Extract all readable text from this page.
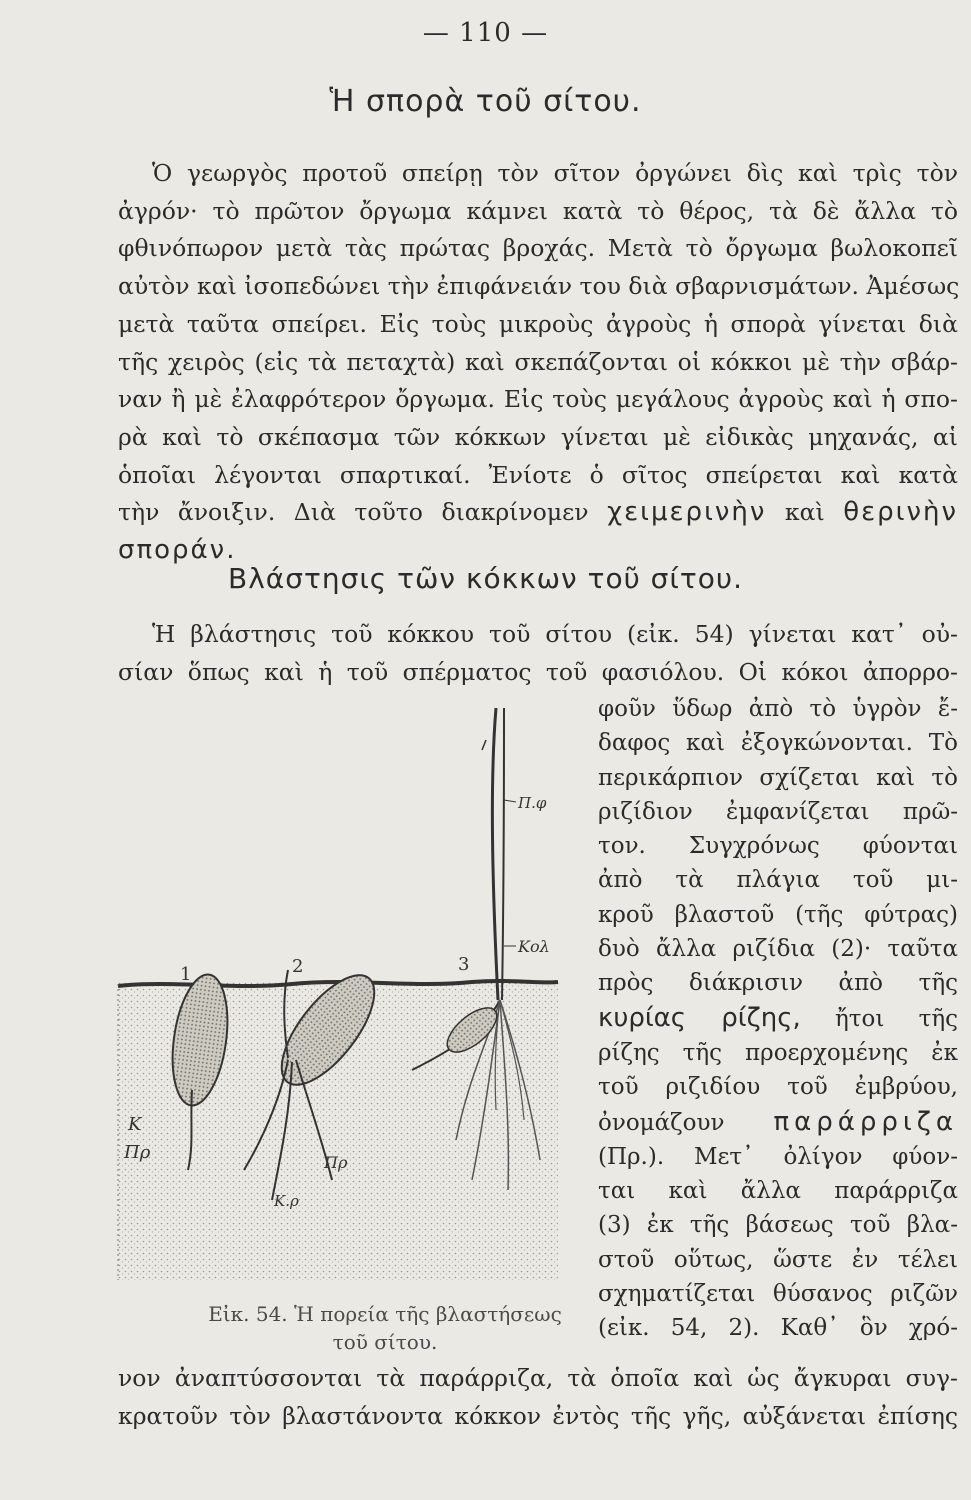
— 110 —
Ἡ σπορὰ τοῦ σίτου.
Ὁ γεωργὸς προτοῦ σπείρῃ τὸν σῖτον ὀργώνει δὶς καὶ τρὶς τὸν
ἀγρόν· τὸ πρῶτον ὄργωμα κάμνει κατὰ τὸ θέρος, τὰ δὲ ἄλλα τὸ
φθινόπωρον μετὰ τὰς πρώτας βροχάς. Μετὰ τὸ ὄργωμα βωλοκοπεῖ
αὐτὸν καὶ ἰσοπεδώνει τὴν ἐπιφάνειάν του διὰ σβαρνισμάτων. Ἀμέσως
μετὰ ταῦτα σπείρει. Εἰς τοὺς μικροὺς ἀγροὺς ἡ σπορὰ γίνεται διὰ
τῆς χειρὸς (εἰς τὰ πεταχτὰ) καὶ σκεπάζονται οἱ κόκκοι μὲ τὴν σβάρ-
ναν ἢ μὲ ἐλαφρότερον ὄργωμα. Εἰς τοὺς μεγάλους ἀγροὺς καὶ ἡ σπο-
ρὰ καὶ τὸ σκέπασμα τῶν κόκκων γίνεται μὲ εἰδικὰς μηχανάς, αἱ
ὁποῖαι λέγονται σπαρτικαί. Ἐνίοτε ὁ σῖτος σπείρεται καὶ κατὰ
τὴν ἄνοιξιν. Διὰ τοῦτο διακρίνομεν χειμερινὴν καὶ θερινὴν
σποράν.
Βλάστησις τῶν κόκκων τοῦ σίτου.
Ἡ βλάστησις τοῦ κόκκου τοῦ σίτου (εἰκ. 54) γίνεται κατ᾽ οὐ-
σίαν ὅπως καὶ ἡ τοῦ σπέρματος τοῦ φασιόλου. Οἱ κόκοι ἀπορρο-
φοῦν ὕδωρ ἀπὸ τὸ ὑγρὸν ἔ-
δαφος καὶ ἐξογκώνονται. Τὸ
περικάρπιον σχίζεται καὶ τὸ
ριζίδιον ἐμφανίζεται πρῶ-
τον. Συγχρόνως φύονται
ἀπὸ τὰ πλάγια τοῦ μι-
κροῦ βλαστοῦ (τῆς φύτρας)
δυὸ ἄλλα ριζίδια (2)· ταῦτα
πρὸς διάκρισιν ἀπὸ τῆς
κυρίας ρίζης, ἤτοι τῆς
ρίζης τῆς προερχομένης ἐκ
τοῦ ριζιδίου τοῦ ἐμβρύου,
ὀνομάζουν παράρριζα
(Πρ.). Μετ᾽ ὀλίγον φύον-
ται καὶ ἄλλα παράρριζα
(3) ἐκ τῆς βάσεως τοῦ βλα-
στοῦ οὕτως, ὥστε ἐν τέλει
σχηματίζεται θύσανος ριζῶν
(εἰκ. 54, 2). Καθ᾽ ὃν χρό-
1	2	3
Κ
Πρ	Πρ
Κ.ρ
Κολ
Π.φ
Εἰκ. 54. Ἡ πορεία τῆς βλαστήσεως
τοῦ σίτου.
νον ἀναπτύσσονται τὰ παράρριζα, τὰ ὁποῖα καὶ ὡς ἄγκυραι συγ-
κρατοῦν τὸν βλαστάνοντα κόκκον ἐντὸς τῆς γῆς, αὐξάνεται ἐπίσης
